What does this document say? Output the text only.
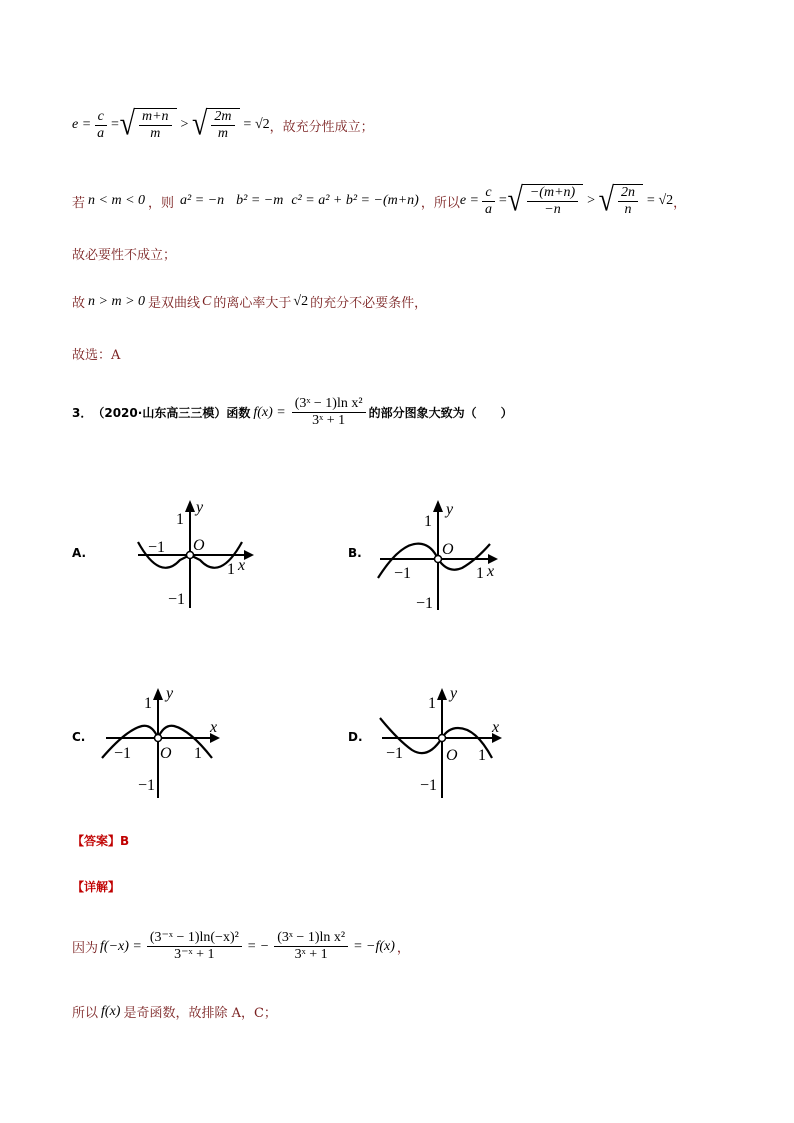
$e = \frac{c}{a}$ = √ $\frac{m+n}{m}$ > √ $\frac{2m}{m} = √2$ ，故充分性成立；
若 n < m < 0 ，则 a² = −n b² = −m c² = a² + b² = −(m+n) ，所以 $e = \frac{c}{a}$ = √ $\frac{-(m+n)}{-n}$ > √ $\frac{2n}{n} = √2$ ，
故必要性不成立；
故 n > m > 0 是双曲线 C 的离心率大于 √2 的充分不必要条件，
故选：A
3． （2020·山东高三三模）函数 $f(x) = \frac{\text{(3ˣ − 1)ln x²}}{\text{3ˣ + 1}}$ 的部分图象大致为（　　）
A.	B.
C.	D.
y
1
−1 O
1 x
−1
y
1
O
−1	1 x
−1
y
1
x
−1 O 1
−1
y
1
x
−1	O 1
−1
【答案】B
【详解】
因为 $f(-x) = \frac{\text{(3⁻ˣ − 1)ln(−x)²}}{\text{3⁻ˣ + 1}}$ = − $\frac{\text{(3ˣ − 1)ln x²}}{\text{3ˣ + 1}} = -f(x)$ ，
所以 f(x) 是奇函数，故排除 A，C；
